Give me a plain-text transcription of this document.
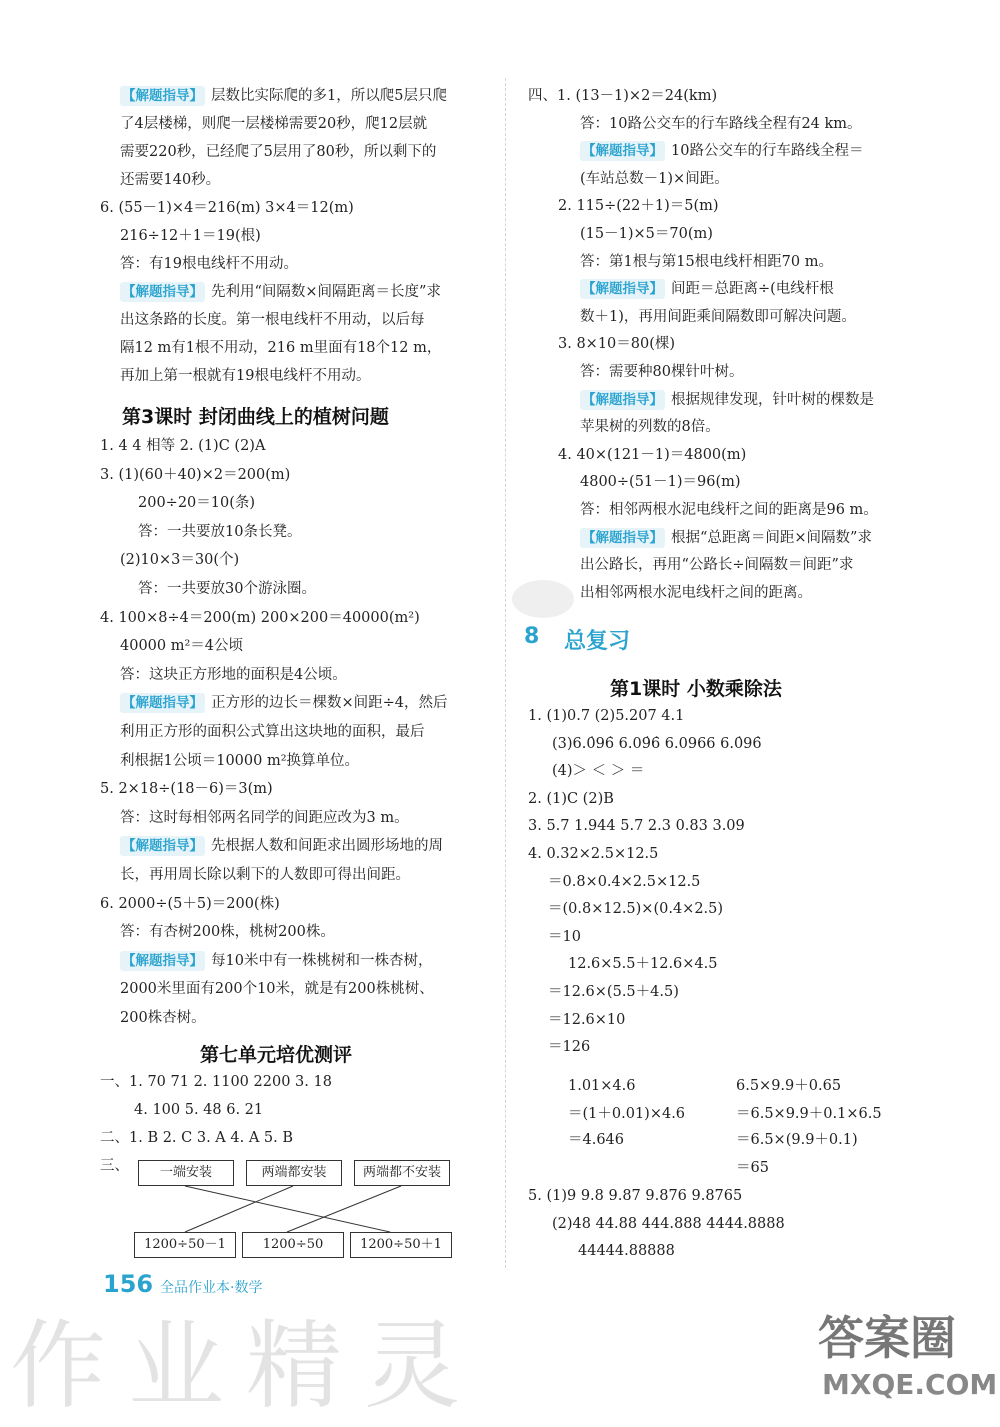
【解题指导】 层数比实际爬的多1，所以爬5层只爬
了4层楼梯，则爬一层楼梯需要20秒，爬12层就
需要220秒，已经爬了5层用了80秒，所以剩下的
还需要140秒。
6. (55－1)×4＝216(m) 3×4＝12(m)
216÷12＋1＝19(根)
答：有19根电线杆不用动。
【解题指导】 先利用“间隔数×间隔距离＝长度”求
出这条路的长度。第一根电线杆不用动，以后每
隔12 m有1根不用动，216 m里面有18个12 m，
再加上第一根就有19根电线杆不用动。
第3课时 封闭曲线上的植树问题
1. 4 4 相等 2. (1)C (2)A
3. (1)(60＋40)×2＝200(m)
200÷20＝10(条)
答：一共要放10条长凳。
(2)10×3＝30(个)
答：一共要放30个游泳圈。
4. 100×8÷4＝200(m) 200×200＝40000(m²)
40000 m²＝4公顷
答：这块正方形地的面积是4公顷。
【解题指导】 正方形的边长＝棵数×间距÷4，然后
利用正方形的面积公式算出这块地的面积，最后
利根据1公顷＝10000 m²换算单位。
5. 2×18÷(18－6)＝3(m)
答：这时每相邻两名同学的间距应改为3 m。
【解题指导】 先根据人数和间距求出圆形场地的周
长，再用周长除以剩下的人数即可得出间距。
6. 2000÷(5＋5)＝200(株)
答：有杏树200株，桃树200株。
【解题指导】 每10米中有一株桃树和一株杏树，
2000米里面有200个10米，就是有200株桃树、
200株杏树。
第七单元培优测评
一、1. 70 71 2. 1100 2200 3. 18
4. 100 5. 48 6. 21
二、1. B 2. C 3. A 4. A 5. B
三、	一端安装	两端都安装	两端都不安装
1200÷50－1	1200÷50	1200÷50＋1
四、1. (13－1)×2＝24(km)
答：10路公交车的行车路线全程有24 km。
【解题指导】 10路公交车的行车路线全程＝
(车站总数－1)×间距。
2. 115÷(22＋1)＝5(m)
(15－1)×5＝70(m)
答：第1根与第15根电线杆相距70 m。
【解题指导】 间距＝总距离÷(电线杆根
数＋1)，再用间距乘间隔数即可解决问题。
3. 8×10＝80(棵)
答：需要种80棵针叶树。
【解题指导】 根据规律发现，针叶树的棵数是
苹果树的列数的8倍。
4. 40×(121－1)＝4800(m)
4800÷(51－1)＝96(m)
答：相邻两根水泥电线杆之间的距离是96 m。
【解题指导】 根据“总距离＝间距×间隔数”求
出公路长，再用“公路长÷间隔数＝间距”求
出相邻两根水泥电线杆之间的距离。
8 总复习
第1课时 小数乘除法
1. (1)0.7 (2)5.207 4.1
(3)6.0̇96̇ 6.09̇6̇ 6.0966 6.0̇96̇
(4)＞ ＜ ＞ ＝
2. (1)C (2)B
3. 5.7 1.944 5.7 2.3 0.83 3.09
4. 0.32×2.5×12.5
＝0.8×0.4×2.5×12.5
＝(0.8×12.5)×(0.4×2.5)
＝10
12.6×5.5＋12.6×4.5
＝12.6×(5.5＋4.5)
＝12.6×10
＝126
1.01×4.6
＝(1＋0.01)×4.6
＝4.646
6.5×9.9＋0.65
＝6.5×9.9＋0.1×6.5
＝6.5×(9.9＋0.1)
＝65
5. (1)9 9.8 9.87 9.876 9.8765
(2)48 44.88 444.888 4444.8888
44444.88888
156 全品作业本·数学
作业精灵	答案圈
MXQE.COM
